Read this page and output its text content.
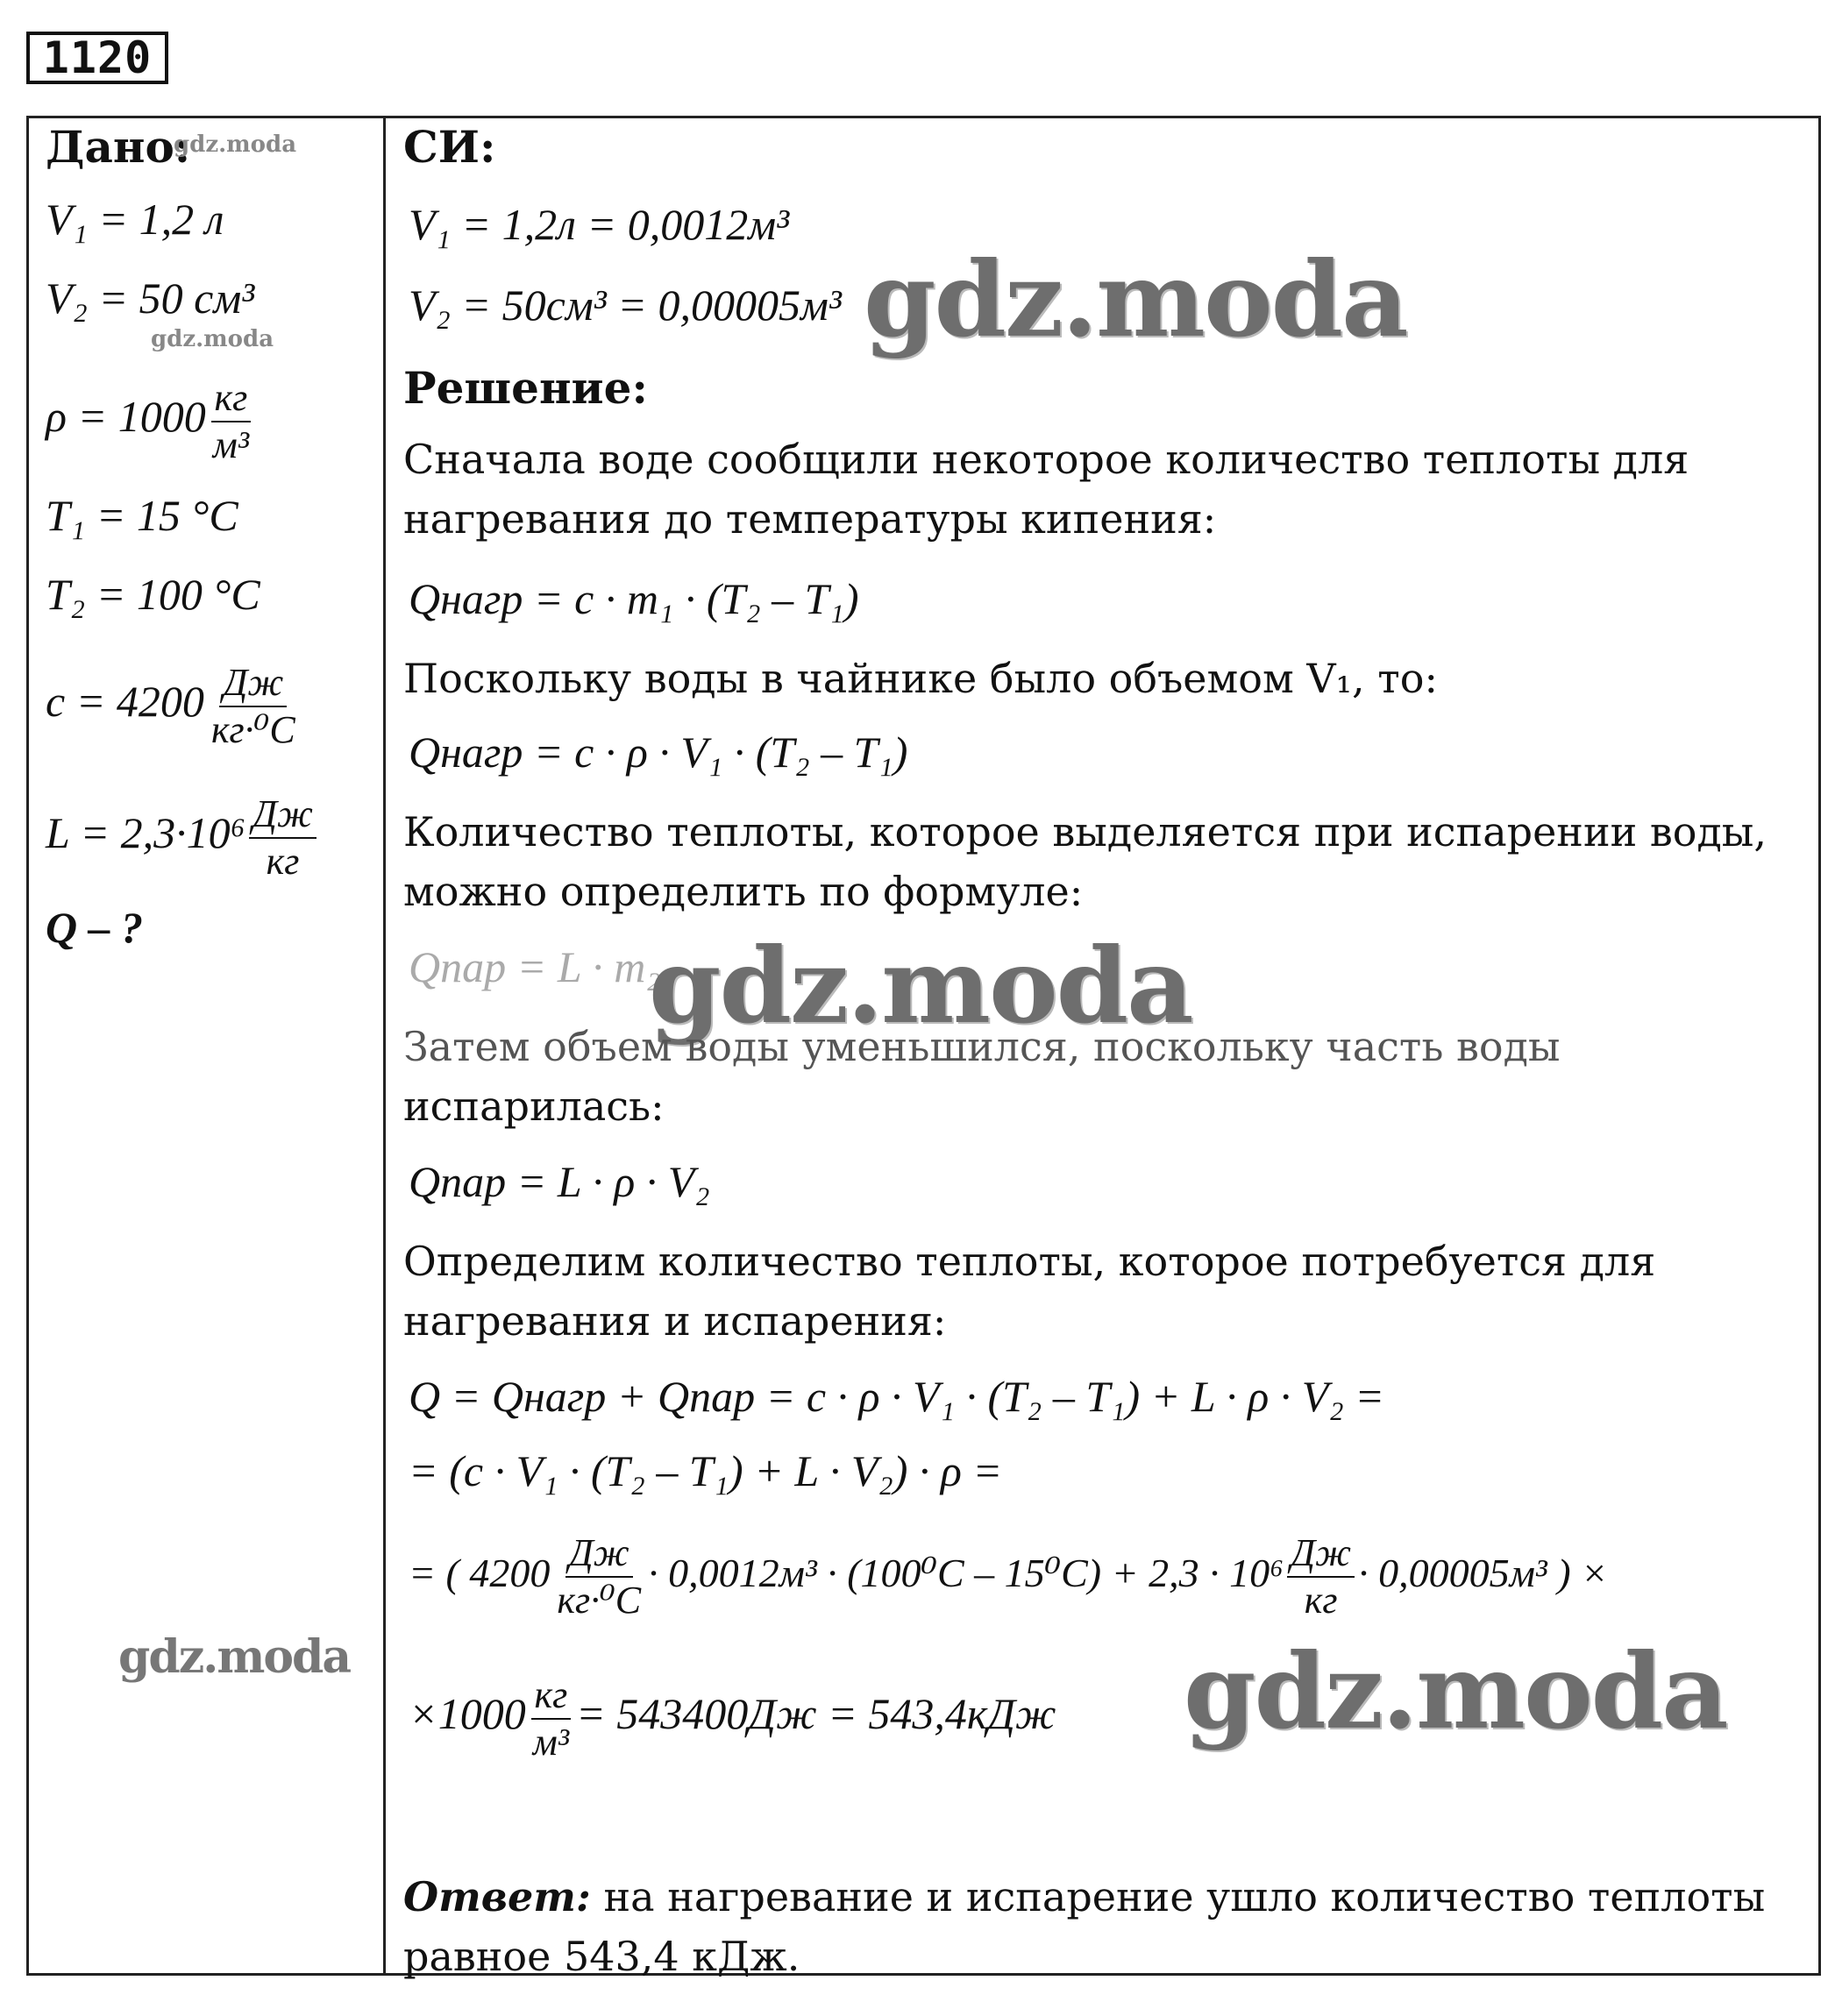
1120
Дано:
gdz.moda
V₁ = 1,2 л
V₂ = 50 см³
gdz.moda
$\rho = 1000 \frac{кг}{\text{м³}}$
T₁ = 15 °C
T₂ = 100 °C
$c = 4200 \frac{Дж}{\text{кг·⁰C}}$
$L = 2,3\cdot 10^6 \frac{Дж}{кг}$
Q – ?
gdz.moda
СИ:
V₁ = 1,2л = 0,0012м³
V₂ = 50см³ = 0,00005м³ gdz.moda
Решение:
Сначала воде сообщили некоторое количество теплоты для
нагревания до температуры кипения:
Qнагр = c · m₁ · (T₂ – T₁)
Поскольку воды в чайнике было объемом V₁, то:
Qнагр = c · ρ · V₁ · (T₂ – T₁)
Количество теплоты, которое выделяется при испарении воды,
можно определить по формуле:
Qпар = L · m₂
gdz.moda
Затем объем воды уменьшился, поскольку часть воды
испарилась:
Qпар = L · ρ · V₂
Определим количество теплоты, которое потребуется для
нагревания и испарения:
Q = Qнагр + Qпар = c · ρ · V₁ · (T₂ – T₁) + L · ρ · V₂ =
= (c · V₁ · (T₂ – T₁) + L · V₂) · ρ =
= ( $4200 \frac{Дж}{\text{кг·⁰C}} \cdot 0,0012м^3 \cdot (100^0C - 15^0C) + 2,3 \cdot 10^6 \frac{Дж}{кг} \cdot 0,00005м^3$ ) ×
$\times 1000 \frac{кг}{\text{м³}} = 543400Дж = 543,4кДж$ gdz.moda
Ответ: на нагревание и испарение ушло количество теплоты
равное 543,4 кДж.
